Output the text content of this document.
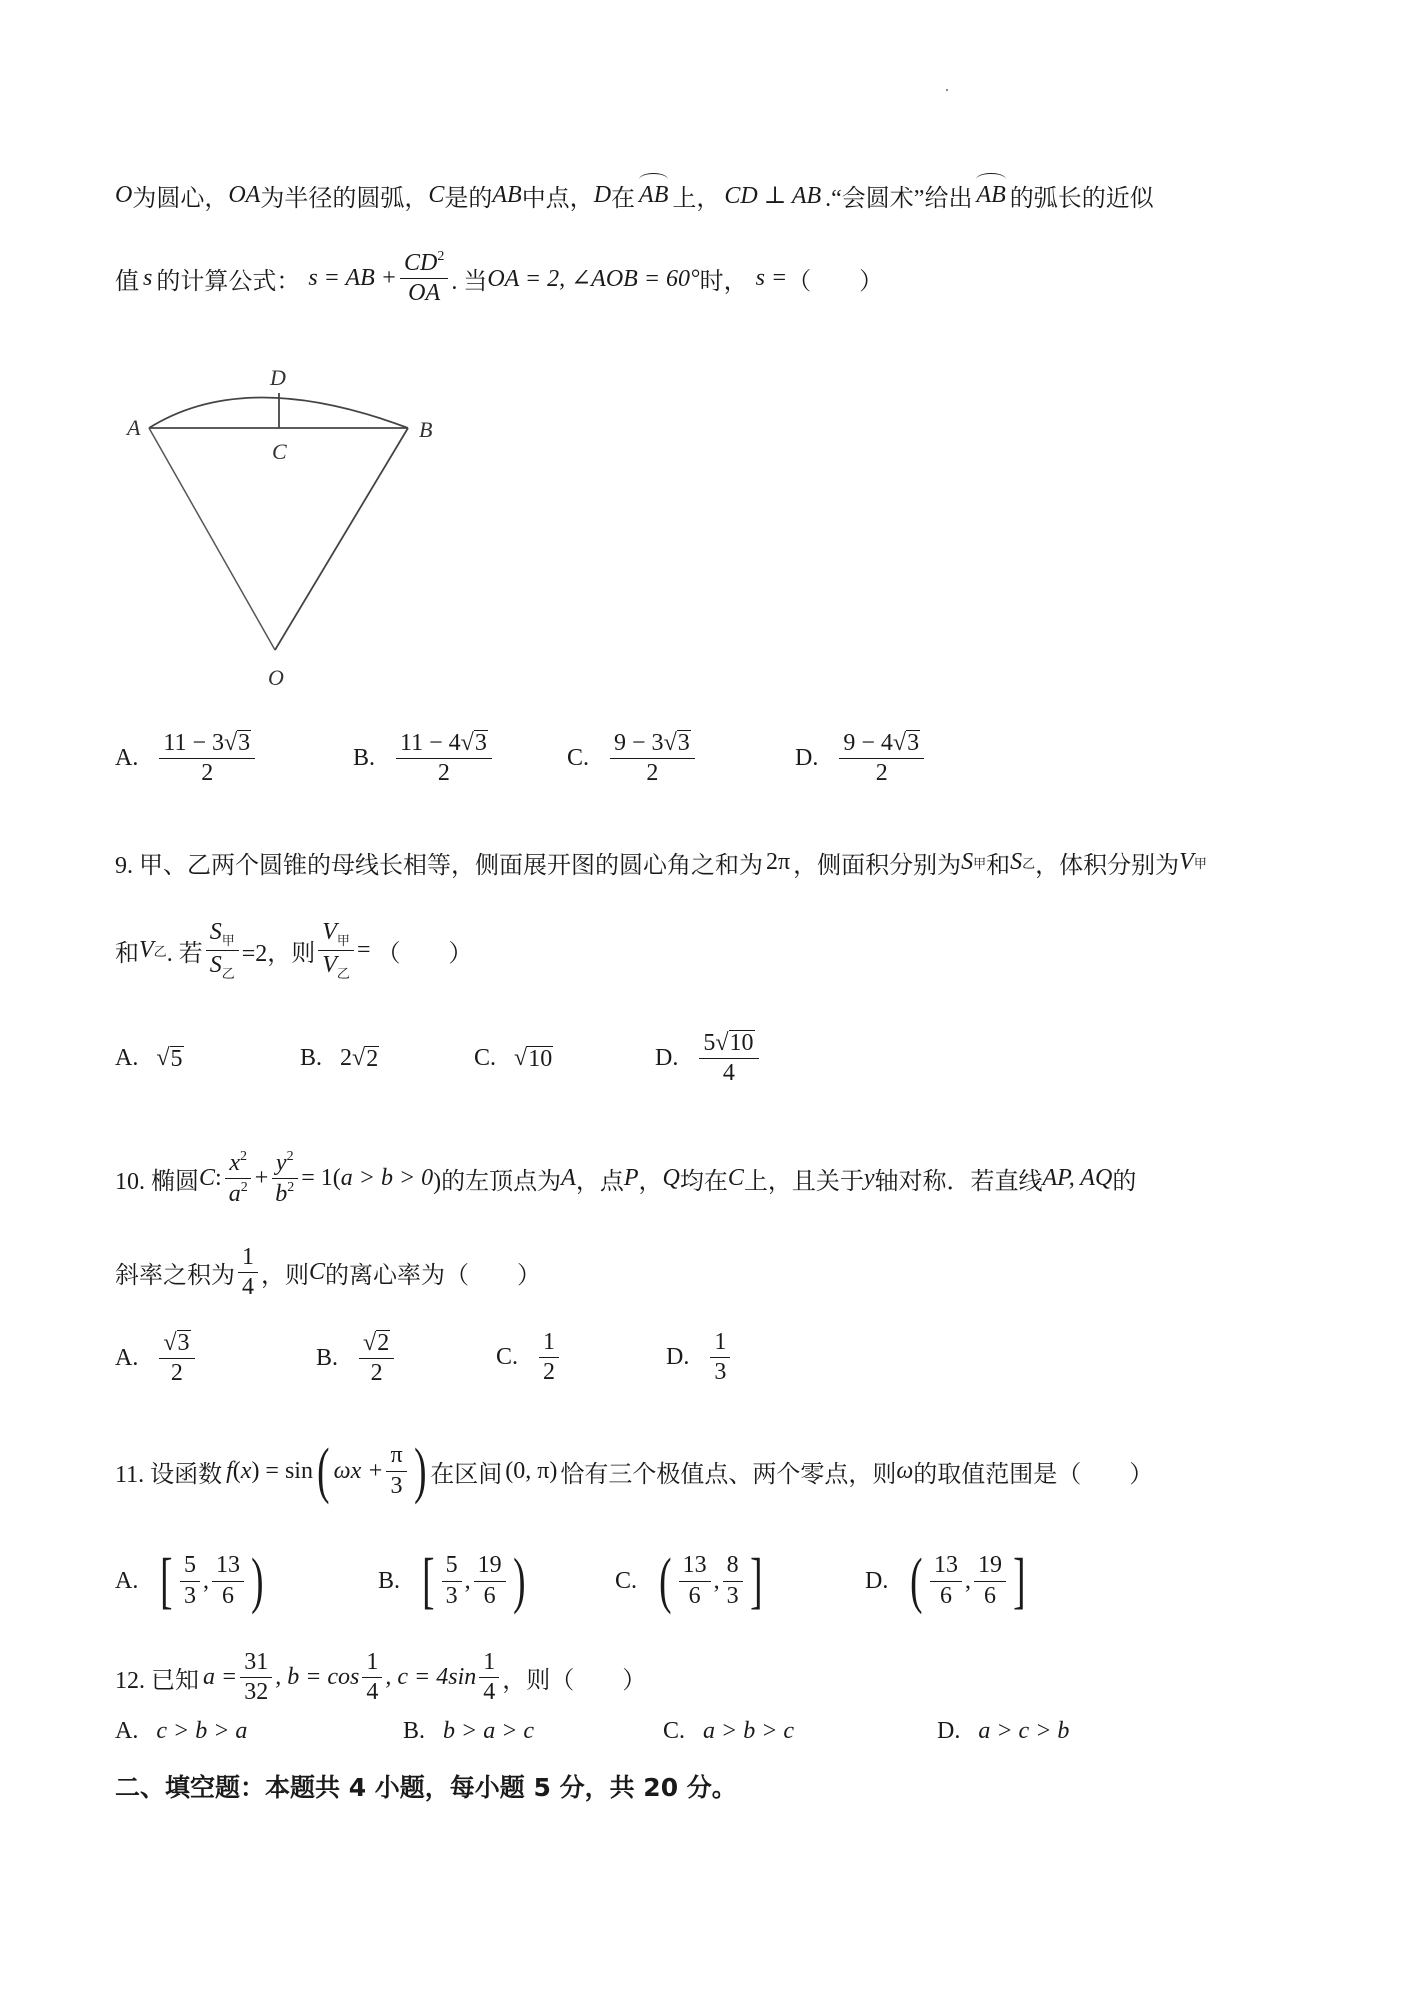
O 为圆心， OA 为半径的圆弧， C 是的 AB 中点， D 在 AB 上， CD ⊥ AB .“会圆术”给出 AB 的弧长的近似
值 s 的计算公式： s = AB + $\frac{CD^2}{OA}$ . 当 OA = 2, ∠AOB = 60° 时， s = （　　）
D
A	B
C
O
A. $\frac{11 - 3√ 3}{2}$	B. $\frac{11 - 4√ 3}{2}$	C. $\frac{9 - 3√ 3}{2}$	D. $\frac{9 - 4√ 3}{2}$
9. 甲、乙两个圆锥的母线长相等，侧面展开图的圆心角之和为 2π ，侧面积分别为 S 甲 和 S 乙 ，体积分别为 V 甲
和 V 乙 . 若 $\frac{S_甲}{S_乙} =2$，则 $\frac{V_甲}{V_乙}$ = （　　）
A. √ 5	B. 2 √ 2	C. √ 10	D. $\frac{5√ 10}{4}$
10. 椭圆 C : $\frac{x^2}{a^2} + \frac{y^2}{b^2} = 1$( a > b > 0 )的左顶点为 A ，点 P ， Q 均在 C 上，且关于 y 轴对称．若直线 AP, AQ 的
斜率之积为 $\frac{1}{4}$ ，则 C 的离心率为（　　）
A. $\frac{√ 3}{2}$	B. $\frac{√ 2}{2}$	C. $\frac{1}{2}$	D. $\frac{1}{3}$
11. 设函数 f ( x ) = sin ( $\omega x + \frac{\pi}{3}$ ) 在区间 (0, π) 恰有三个极值点、两个零点，则 ω 的取值范围是（　　）
A. [ $\frac{5}{3}$ , $\frac{13}{6}$ )	B. [ $\frac{5}{3}$ , $\frac{19}{6}$ )	C. ( $\frac{13}{6}$ , $\frac{8}{3}$ ]	D. ( $\frac{13}{6}$ , $\frac{19}{6}$ ]
12. 已知 $a = \frac{31}{32}$ , $b = \cos \frac{1}{4}$ , $c = 4\sin \frac{1}{4}$ ，则（　　）
A. c > b > a	B. b > a > c	C. a > b > c	D. a > c > b
二、填空题：本题共 4 小题，每小题 5 分，共 20 分。
